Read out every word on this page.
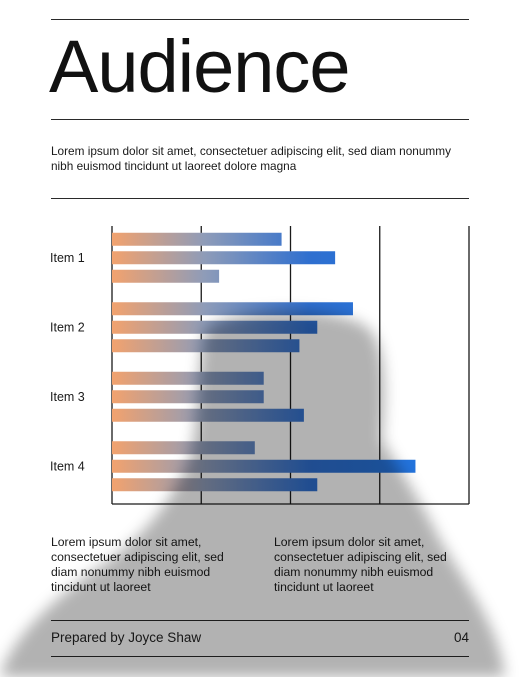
Audience
Lorem ipsum dolor sit amet, consectetuer adipiscing elit, sed diam nonummy nibh euismod tincidunt ut laoreet dolore magna
Item 1
Item 2
Item 3
Item 4
Lorem ipsum dolor sit amet, consectetuer adipiscing elit, sed diam nonummy nibh euismod tincidunt ut laoreet
Lorem ipsum dolor sit amet, consectetuer adipiscing elit, sed diam nonummy nibh euismod tincidunt ut laoreet
Prepared by Joyce Shaw	04
